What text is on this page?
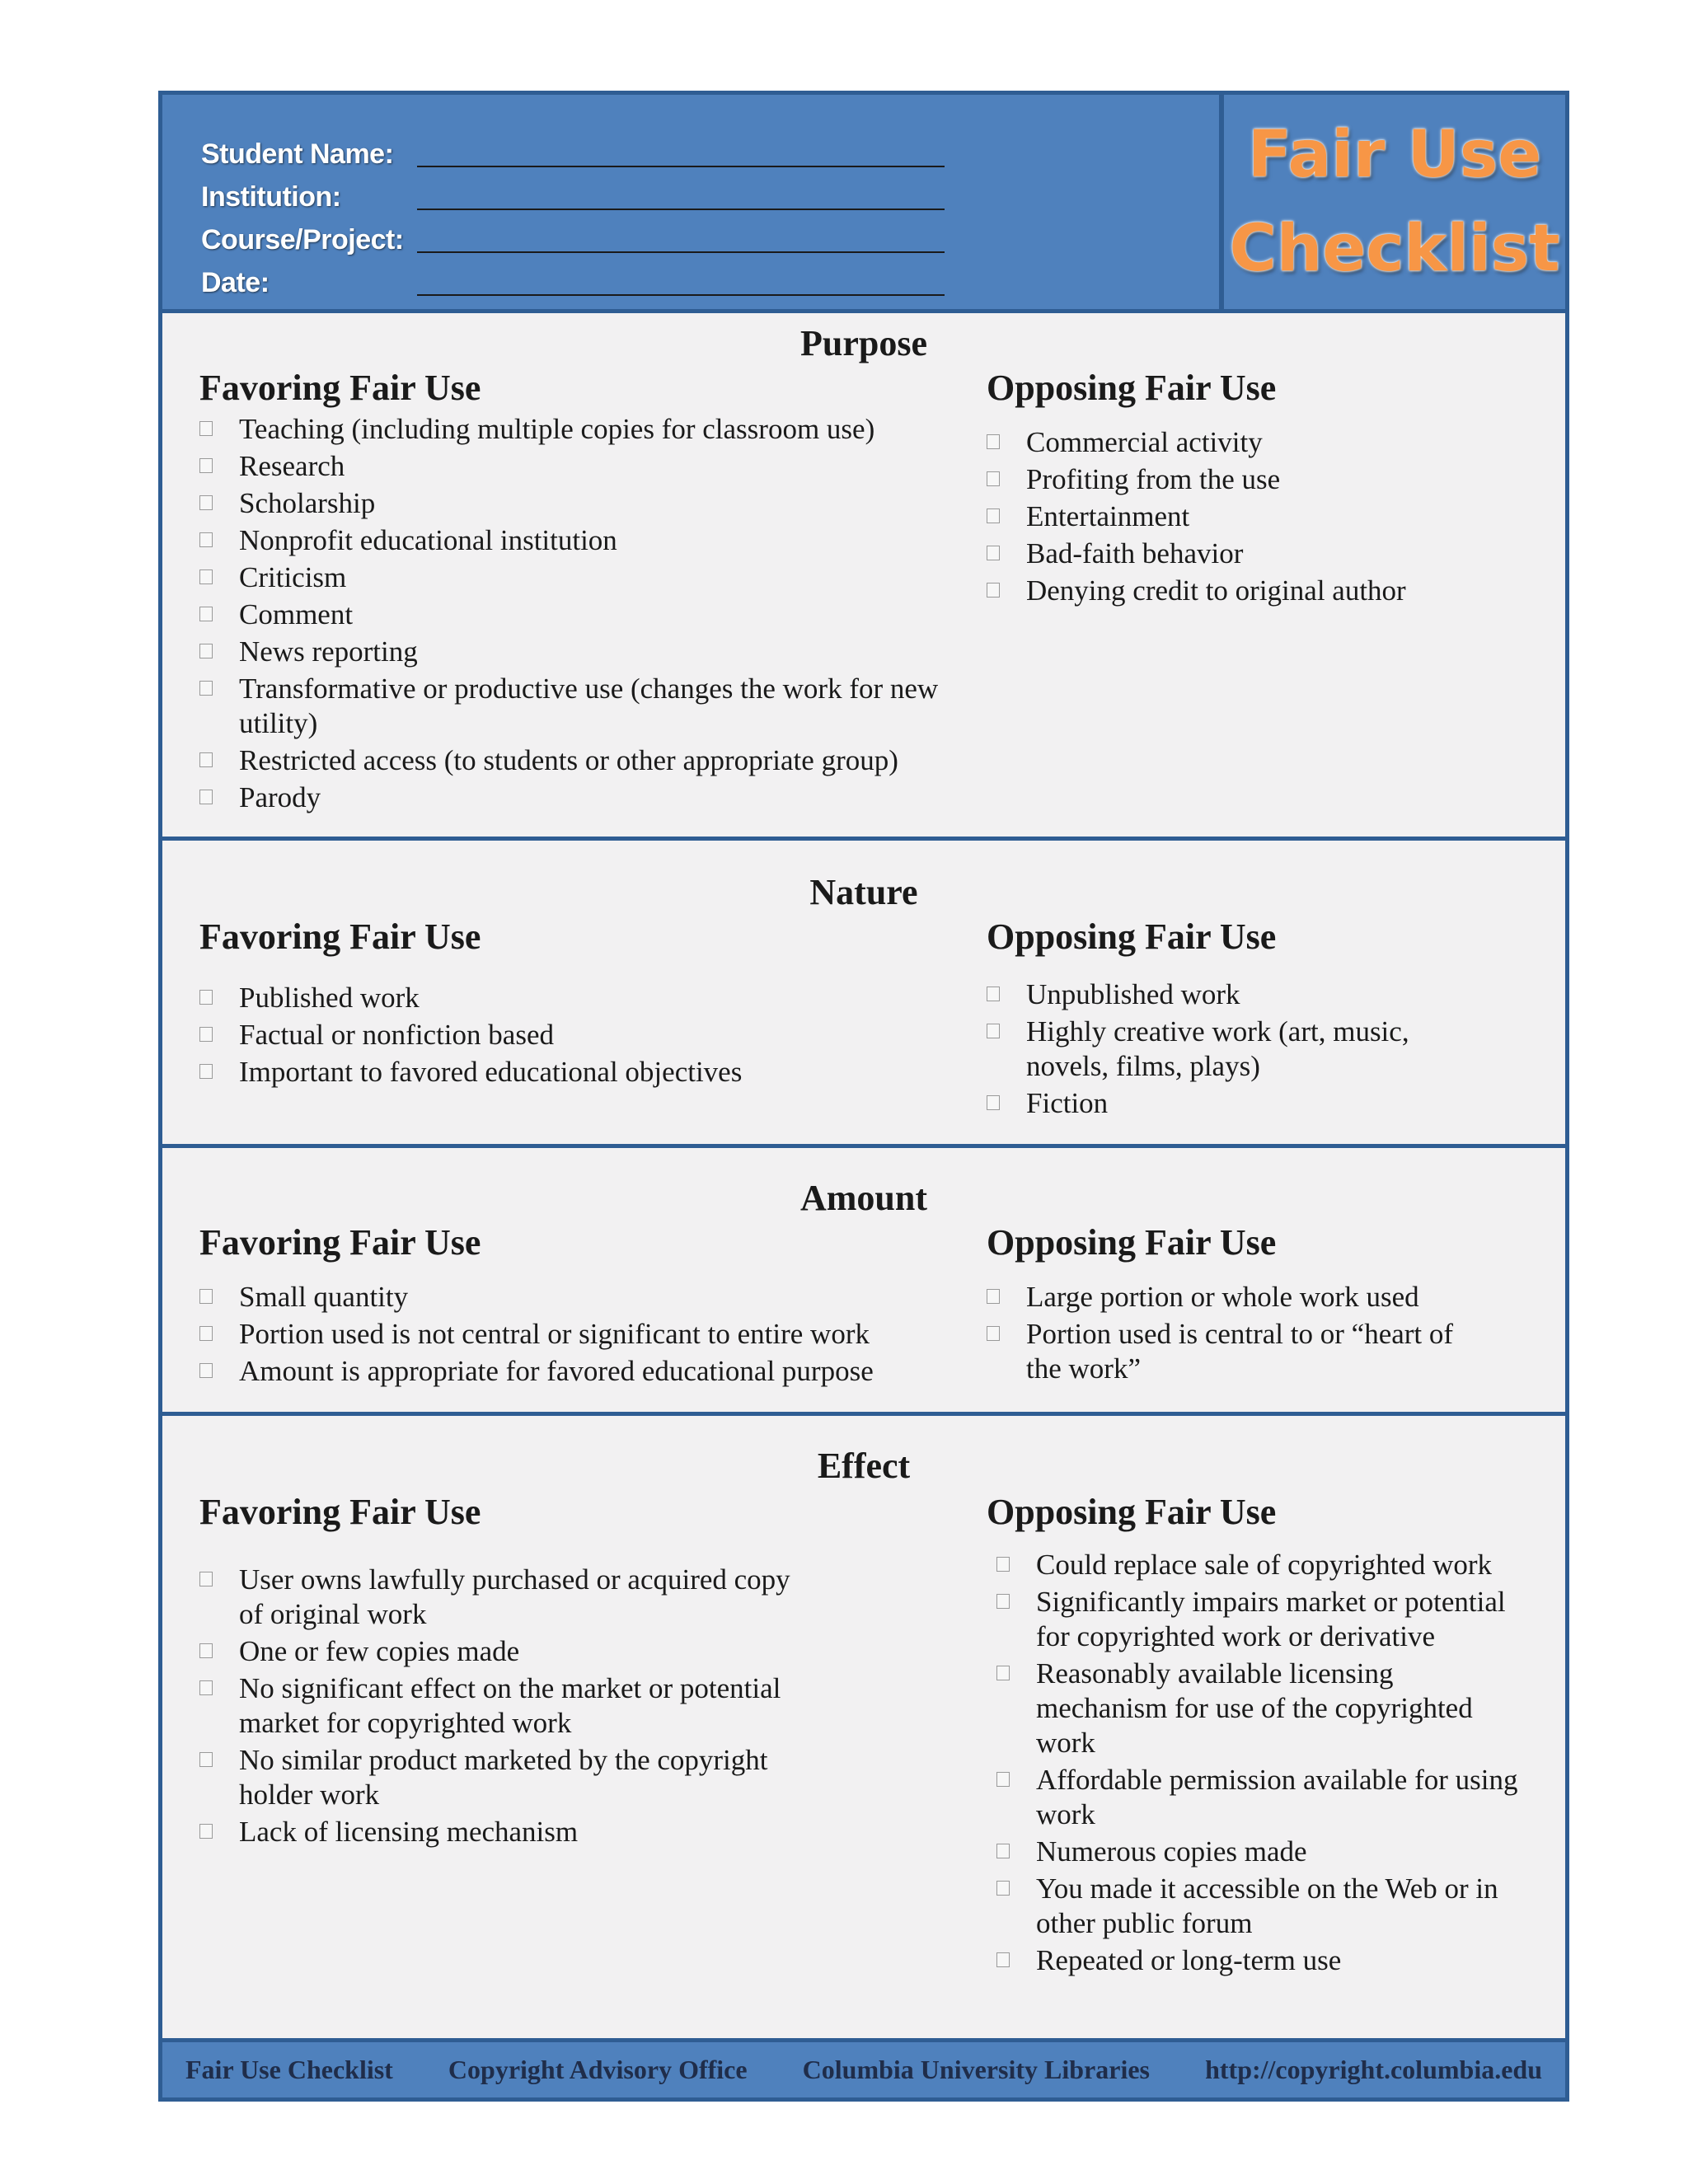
Student Name:
Institution:
Course/Project:
Date:
Fair Use
Checklist
Purpose
Favoring Fair Use
Teaching (including multiple copies for classroom use)
Research
Scholarship
Nonprofit educational institution
Criticism
Comment
News reporting
Transformative or productive use (changes the work for new utility)
Restricted access (to students or other appropriate group)
Parody
Opposing Fair Use
Commercial activity
Profiting from the use
Entertainment
Bad-faith behavior
Denying credit to original author
Nature
Favoring Fair Use
Published work
Factual or nonfiction based
Important to favored educational objectives
Opposing Fair Use
Unpublished work
Highly creative work (art, music, novels, films, plays)
Fiction
Amount
Favoring Fair Use
Small quantity
Portion used is not central or significant to entire work
Amount is appropriate for favored educational purpose
Opposing Fair Use
Large portion or whole work used
Portion used is central to or “heart of the work”
Effect
Favoring Fair Use
User owns lawfully purchased or acquired copy of original work
One or few copies made
No significant effect on the market or potential market for copyrighted work
No similar product marketed by the copyright holder work
Lack of licensing mechanism
Opposing Fair Use
Could replace sale of copyrighted work
Significantly impairs market or potential for copyrighted work or derivative
Reasonably available licensing mechanism for use of the copyrighted work
Affordable permission available for using work
Numerous copies made
You made it accessible on the Web or in other public forum
Repeated or long-term use
Fair Use Checklist Copyright Advisory Office Columbia University Libraries http://copyright.columbia.edu
